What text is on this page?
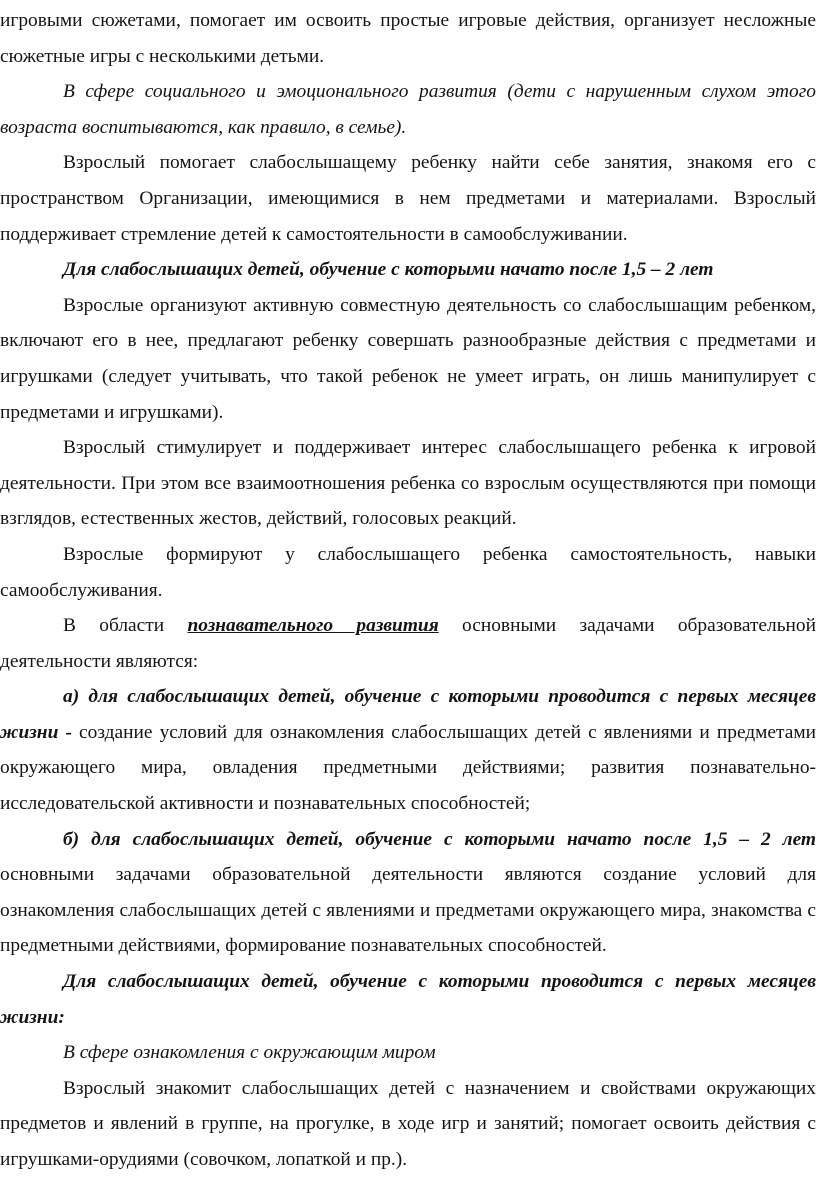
игровыми сюжетами, помогает им освоить простые игровые действия, организует несложные сюжетные игры с несколькими детьми.

В сфере социального и эмоционального развития (дети с нарушенным слухом этого возраста воспитываются, как правило, в семье).

Взрослый помогает слабослышащему ребенку найти себе занятия, знакомя его с пространством Организации, имеющимися в нем предметами и материалами. Взрослый поддерживает стремление детей к самостоятельности в самообслуживании.

Для слабослышащих детей, обучение с которыми начато после 1,5 – 2 лет

Взрослые организуют активную совместную деятельность со слабослышащим ребенком, включают его в нее, предлагают ребенку совершать разнообразные действия с предметами и игрушками (следует учитывать, что такой ребенок не умеет играть, он лишь манипулирует с предметами и игрушками).

Взрослый стимулирует и поддерживает интерес слабослышащего ребенка к игровой деятельности. При этом все взаимоотношения ребенка со взрослым осуществляются при помощи взглядов, естественных жестов, действий, голосовых реакций.

Взрослые формируют у слабослышащего ребенка самостоятельность, навыки самообслуживания.

В области познавательного развития основными задачами образовательной деятельности являются:

а) для слабослышащих детей, обучение с которыми проводится с первых месяцев жизни - создание условий для ознакомления слабослышащих детей с явлениями и предметами окружающего мира, овладения предметными действиями; развития познавательно-исследовательской активности и познавательных способностей;

б) для слабослышащих детей, обучение с которыми начато после 1,5 – 2 лет основными задачами образовательной деятельности являются создание условий для ознакомления слабослышащих детей с явлениями и предметами окружающего мира, знакомства с предметными действиями, формирование познавательных способностей.

Для слабослышащих детей, обучение с которыми проводится с первых месяцев жизни:

В сфере ознакомления с окружающим миром

Взрослый знакомит слабослышащих детей с назначением и свойствами окружающих предметов и явлений в группе, на прогулке, в ходе игр и занятий; помогает освоить действия с игрушками-орудиями (совочком, лопаткой и пр.).
